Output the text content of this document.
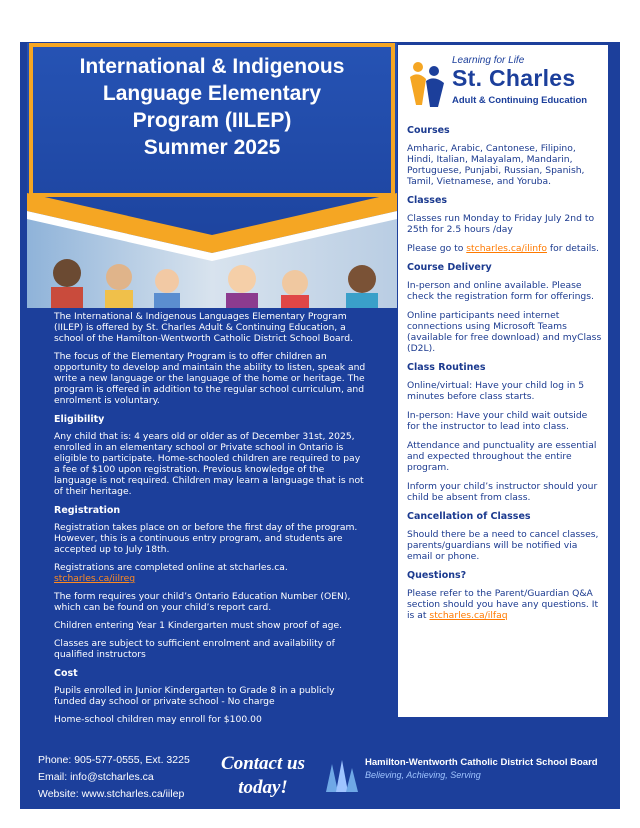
International & Indigenous
Language Elementary
Program (IILEP)
Summer 2025

The International & Indigenous Languages Elementary Program (IILEP) is offered by St. Charles Adult & Continuing Education, a school of the Hamilton-Wentworth Catholic District School Board.

The focus of the Elementary Program is to offer children an opportunity to develop and maintain the ability to listen, speak and write a new language or the language of the home or heritage. The program is offered in addition to the regular school curriculum, and enrolment is voluntary.

Eligibility

Any child that is: 4 years old or older as of December 31st, 2025, enrolled in an elementary school or Private school in Ontario is eligible to participate. Home-schooled children are required to pay a fee of $100 upon registration. Previous knowledge of the language is not required. Children may learn a language that is not of their heritage.

Registration

Registration takes place on or before the first day of the program. However, this is a continuous entry program, and students are accepted up to July 18th.

Registrations are completed online at stcharles.ca. stcharles.ca/iilreg

The form requires your child’s Ontario Education Number (OEN), which can be found on your child’s report card.

Children entering Year 1 Kindergarten must show proof of age.

Classes are subject to sufficient enrolment and availability of qualified instructors

Cost

Pupils enrolled in Junior Kindergarten to Grade 8 in a publicly funded day school or private school - No charge

Home-school children may enroll for $100.00

Learning for Life
St. Charles
Adult & Continuing Education
Courses

Amharic, Arabic, Cantonese, Filipino, Hindi, Italian, Malayalam, Mandarin, Portuguese, Punjabi, Russian, Spanish, Tamil, Vietnamese, and Yoruba.

Classes

Classes run Monday to Friday July 2nd to 25th for 2.5 hours /day

Please go to stcharles.ca/ilinfo for details.

Course Delivery

In-person and online available. Please check the registration form for offerings.

Online participants need internet connections using Microsoft Teams (available for free download) and myClass (D2L).

Class Routines

Online/virtual: Have your child log in 5 minutes before class starts.

In-person: Have your child wait outside for the instructor to lead into class.

Attendance and punctuality are essential and expected throughout the entire program.

Inform your child’s instructor should your child be absent from class.

Cancellation of Classes

Should there be a need to cancel classes, parents/guardians will be notified via email or phone.

Questions?

Please refer to the Parent/Guardian Q&A section should you have any questions. It is at stcharles.ca/ilfaq

Phone: 905-577-0555, Ext. 3225
Email: info@stcharles.ca
Website: www.stcharles.ca/iilep
Contact us
today!
Hamilton-Wentworth Catholic District School Board
Believing, Achieving, Serving
